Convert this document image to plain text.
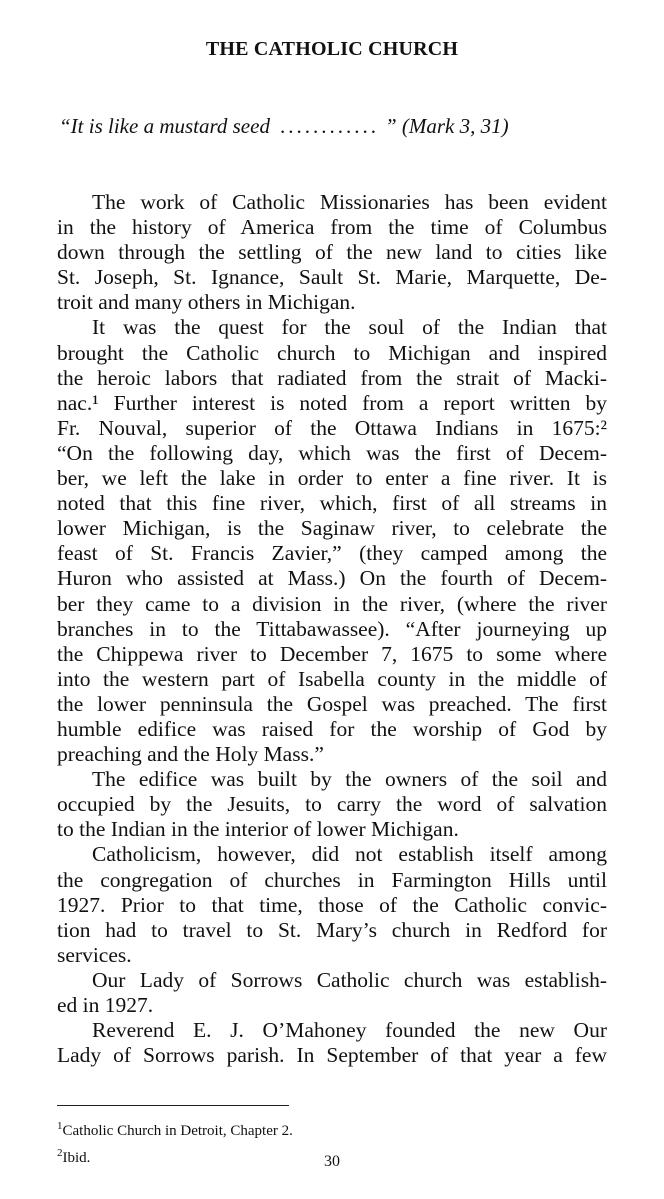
THE CATHOLIC CHURCH
“It is like a mustard seed ............ ” (Mark 3, 31)
The work of Catholic Missionaries has been evident
in the history of America from the time of Columbus
down through the settling of the new land to cities like
St. Joseph, St. Ignance, Sault St. Marie, Marquette, De-
troit and many others in Michigan.
It was the quest for the soul of the Indian that
brought the Catholic church to Michigan and inspired
the heroic labors that radiated from the strait of Macki-
nac.¹ Further interest is noted from a report written by
Fr. Nouval, superior of the Ottawa Indians in 1675:²
“On the following day, which was the first of Decem-
ber, we left the lake in order to enter a fine river. It is
noted that this fine river, which, first of all streams in
lower Michigan, is the Saginaw river, to celebrate the
feast of St. Francis Zavier,” (they camped among the
Huron who assisted at Mass.) On the fourth of Decem-
ber they came to a division in the river, (where the river
branches in to the Tittabawassee). “After journeying up
the Chippewa river to December 7, 1675 to some where
into the western part of Isabella county in the middle of
the lower penninsula the Gospel was preached. The first
humble edifice was raised for the worship of God by
preaching and the Holy Mass.”
The edifice was built by the owners of the soil and
occupied by the Jesuits, to carry the word of salvation
to the Indian in the interior of lower Michigan.
Catholicism, however, did not establish itself among
the congregation of churches in Farmington Hills until
1927. Prior to that time, those of the Catholic convic-
tion had to travel to St. Mary’s church in Redford for
services.
Our Lady of Sorrows Catholic church was establish-
ed in 1927.
Reverend E. J. O’Mahoney founded the new Our
Lady of Sorrows parish. In September of that year a few
$^1$Catholic Church in Detroit, Chapter 2.
$^2$Ibid.	30
